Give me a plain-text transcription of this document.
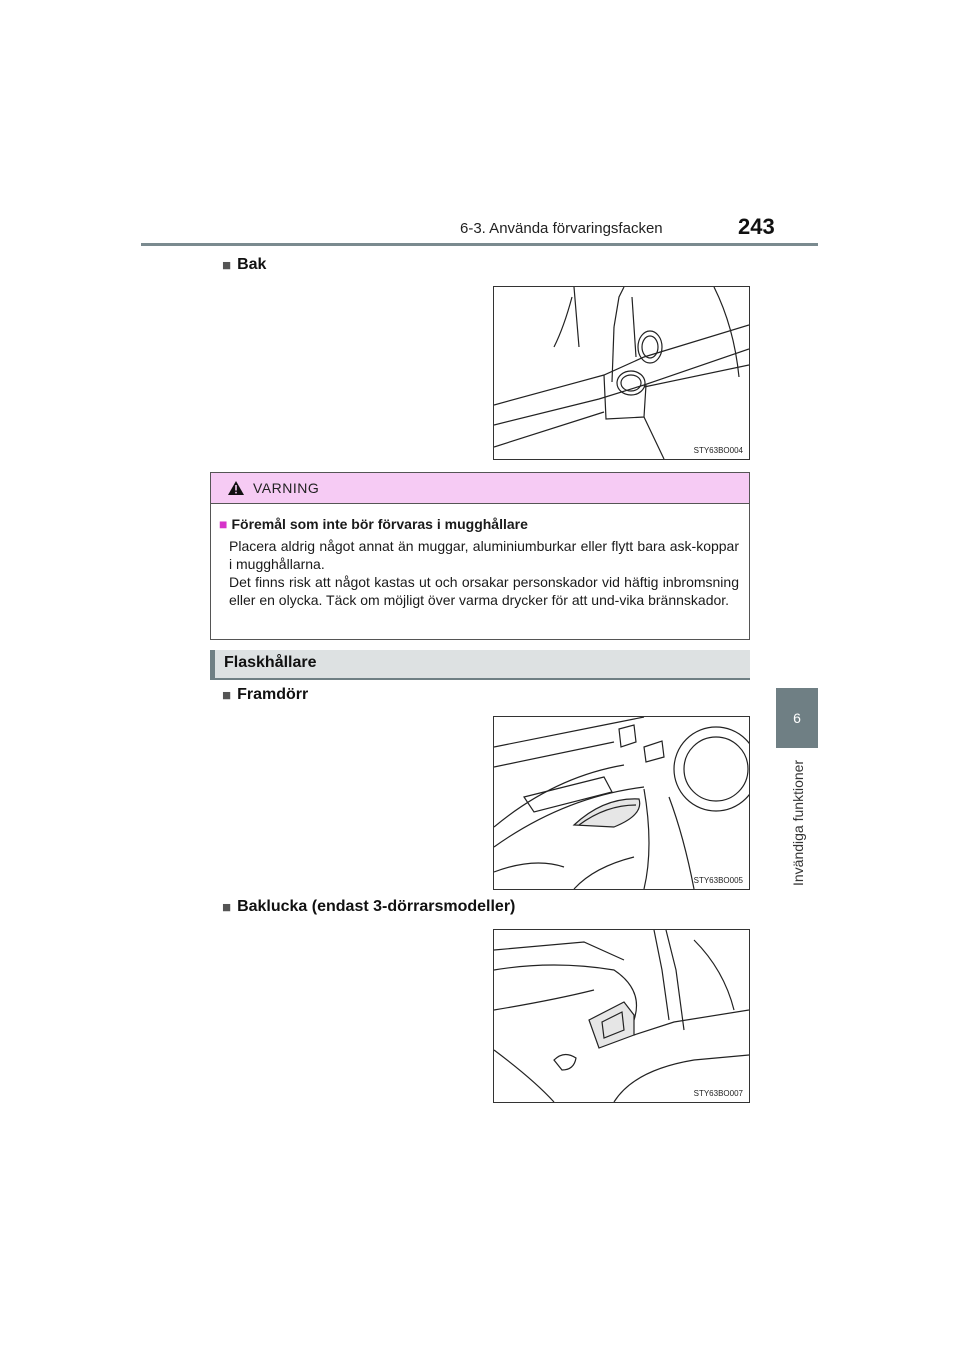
6-3. Använda förvaringsfacken	243
6
Invändiga funktioner
■ Bak
STY63BO004
VARNING
■ Föremål som inte bör förvaras i mugghållare

Placera aldrig något annat än muggar, aluminiumburkar eller flytt bara ask-koppar i mugghållarna.

Det finns risk att något kastas ut och orsakar personskador vid häftig inbromsning eller en olycka. Täck om möjligt över varma drycker för att und-vika brännskador.

Flaskhållare
■ Framdörr
STY63BO005
■ Baklucka (endast 3-dörrarsmodeller)
STY63BO007
